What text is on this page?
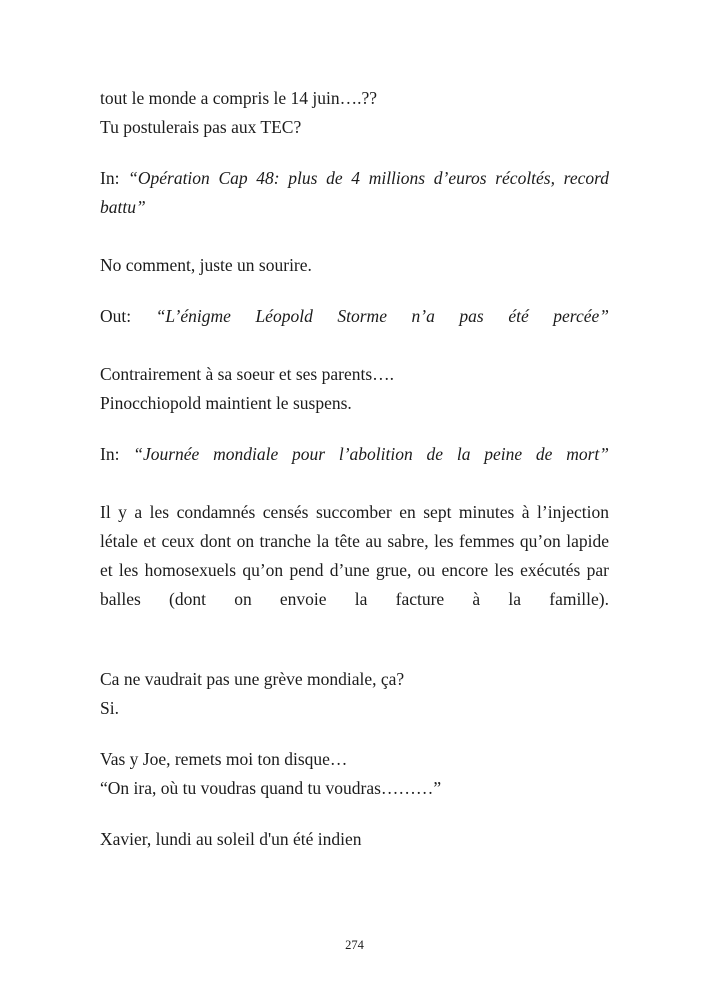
tout le monde a compris le 14 juin….??
Tu postulerais pas aux TEC?
In: “Opération Cap 48: plus de 4 millions d’euros récoltés, record battu”
No comment, juste un sourire.
Out: “L’énigme Léopold Storme n’a pas été percée”
Contrairement à sa soeur et ses parents….
Pinocchiopold maintient le suspens.
In: “Journée mondiale pour l’abolition de la peine de mort”
Il y a les condamnés censés succomber en sept minutes à l’injection létale et ceux dont on tranche la tête au sabre, les femmes qu’on lapide et les homosexuels qu’on pend d’une grue, ou encore les exécutés par balles (dont on envoie la facture à la famille).
Ca ne vaudrait pas une grève mondiale, ça?
Si.
Vas y Joe, remets moi ton disque…
“On ira, où tu voudras quand tu voudras………”
Xavier, lundi au soleil d'un été indien
274
